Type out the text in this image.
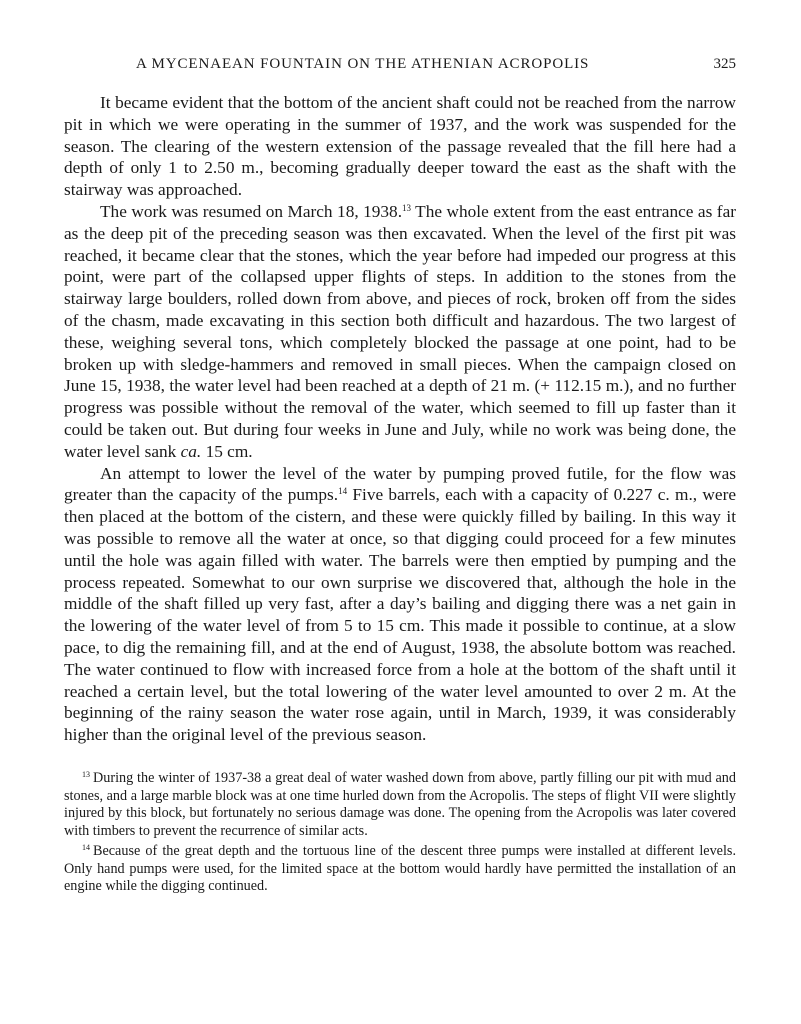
A MYCENAEAN FOUNTAIN ON THE ATHENIAN ACROPOLIS	325

It became evident that the bottom of the ancient shaft could not be reached from the narrow pit in which we were operating in the summer of 1937, and the work was suspended for the season. The clearing of the western extension of the passage revealed that the fill here had a depth of only 1 to 2.50 m., becoming gradually deeper toward the east as the shaft with the stairway was approached.

The work was resumed on March 18, 1938.13 The whole extent from the east entrance as far as the deep pit of the preceding season was then excavated. When the level of the first pit was reached, it became clear that the stones, which the year before had impeded our progress at this point, were part of the collapsed upper flights of steps. In addition to the stones from the stairway large boulders, rolled down from above, and pieces of rock, broken off from the sides of the chasm, made excavating in this section both difficult and hazardous. The two largest of these, weighing several tons, which completely blocked the passage at one point, had to be broken up with sledge-hammers and removed in small pieces. When the campaign closed on June 15, 1938, the water level had been reached at a depth of 21 m. (+ 112.15 m.), and no further progress was possible without the removal of the water, which seemed to fill up faster than it could be taken out. But during four weeks in June and July, while no work was being done, the water level sank ca. 15 cm.

An attempt to lower the level of the water by pumping proved futile, for the flow was greater than the capacity of the pumps.$^{14}$ Five barrels, each with a capacity of 0.227 c. m., were then placed at the bottom of the cistern, and these were quickly filled by bailing. In this way it was possible to remove all the water at once, so that digging could proceed for a few minutes until the hole was again filled with water. The barrels were then emptied by pumping and the process repeated. Somewhat to our own surprise we discovered that, although the hole in the middle of the shaft filled up very fast, after a day’s bailing and digging there was a net gain in the lowering of the water level of from 5 to 15 cm. This made it possible to continue, at a slow pace, to dig the remaining fill, and at the end of August, 1938, the absolute bottom was reached. The water continued to flow with increased force from a hole at the bottom of the shaft until it reached a certain level, but the total lowering of the water level amounted to over 2 m. At the beginning of the rainy season the water rose again, until in March, 1939, it was considerably higher than the original level of the previous season.

$^{13}$ During the winter of 1937-38 a great deal of water washed down from above, partly filling our pit with mud and stones, and a large marble block was at one time hurled down from the Acropolis. The steps of flight VII were slightly injured by this block, but fortunately no serious damage was done. The opening from the Acropolis was later covered with timbers to prevent the recurrence of similar acts.

$^{14}$ Because of the great depth and the tortuous line of the descent three pumps were installed at different levels. Only hand pumps were used, for the limited space at the bottom would hardly have permitted the installation of an engine while the digging continued.
